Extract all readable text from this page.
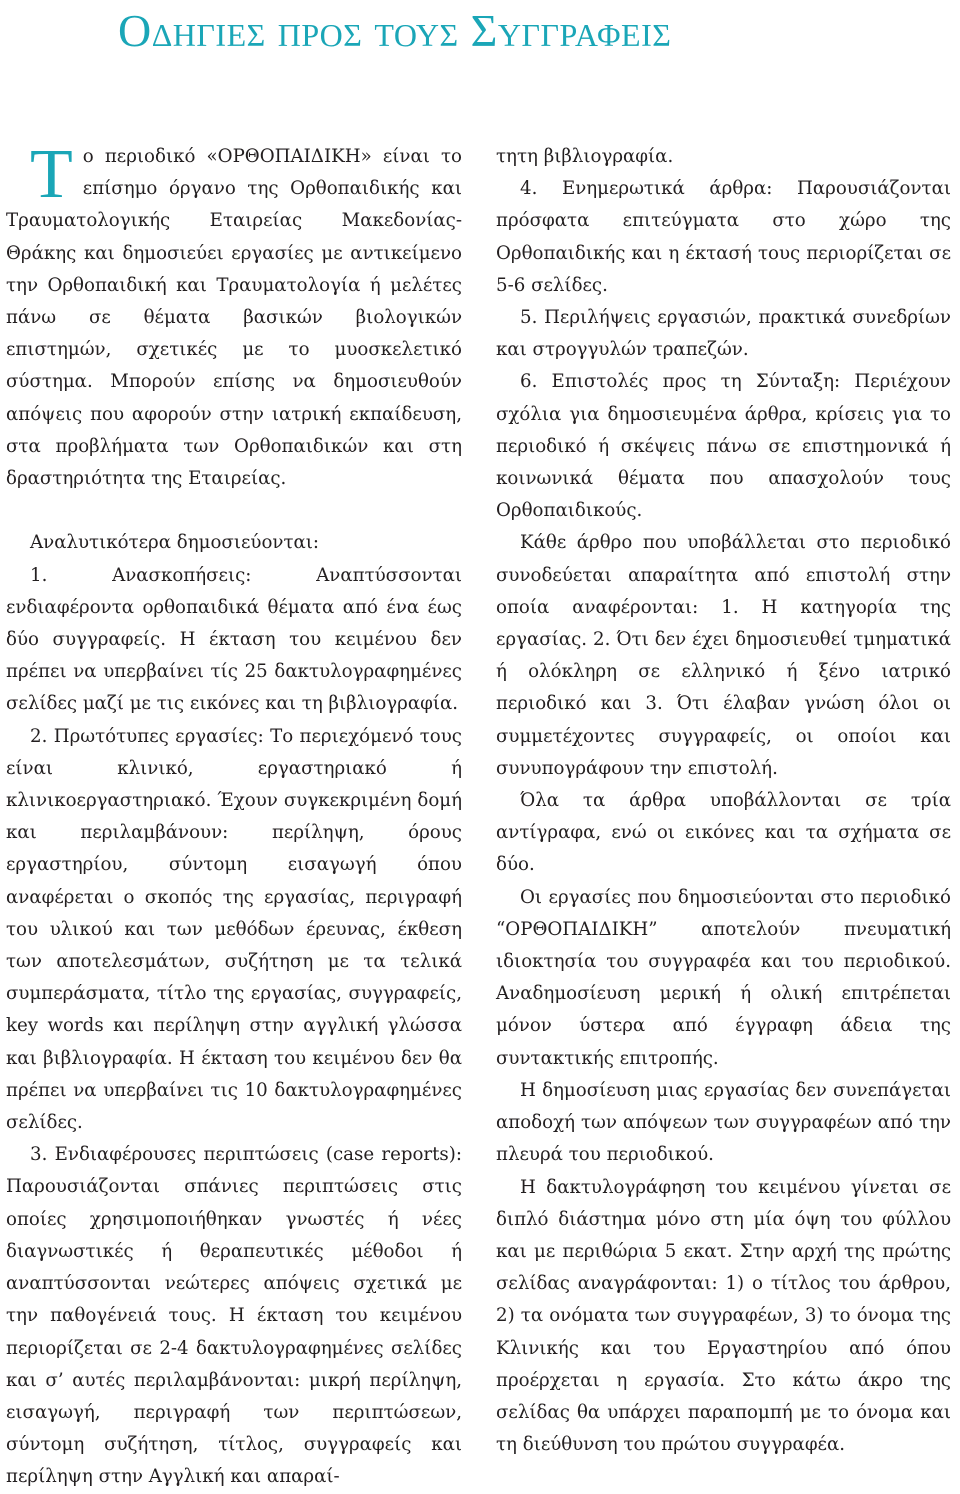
Οδηγιες προς τους Συγγραφεις

Το περιοδικό «ΟΡΘΟΠΑΙΔΙΚΗ» είναι το επίσημο όργανο της Ορθοπαιδικής και Τραυματολογικής Εταιρείας Μακεδονίας-Θράκης και δημοσιεύει εργασίες με αντικείμενο την Ορθοπαιδική και Τραυματολογία ή μελέτες πάνω σε θέματα βασικών βιολογικών επιστημών, σχετικές με το μυοσκελετικό σύστημα. Μπορούν επίσης να δημοσιευθούν απόψεις που αφορούν στην ιατρική εκπαίδευση, στα προβλήματα των Ορθοπαιδικών και στη δραστηριότητα της Εταιρείας.

Αναλυτικότερα δημοσιεύονται:

1. Ανασκοπήσεις: Αναπτύσσονται ενδιαφέροντα ορθοπαιδικά θέματα από ένα έως δύο συγγραφείς. Η έκταση του κειμένου δεν πρέπει να υπερβαίνει τίς 25 δακτυλογραφημένες σελίδες μαζί με τις εικόνες και τη βιβλιογραφία.

2. Πρωτότυπες εργασίες: Το περιεχόμενό τους είναι κλινικό, εργαστηριακό ή κλινικοεργαστηριακό. Έχουν συγκεκριμένη δομή και περιλαμβάνουν: περίληψη, όρους εργαστηρίου, σύντομη εισαγωγή όπου αναφέρεται ο σκοπός της εργασίας, περιγραφή του υλικού και των μεθόδων έρευνας, έκθεση των αποτελεσμάτων, συζήτηση με τα τελικά συμπεράσματα, τίτλο της εργασίας, συγγραφείς, key words και περίληψη στην αγγλική γλώσσα και βιβλιογραφία. Η έκταση του κειμένου δεν θα πρέπει να υπερβαίνει τις 10 δακτυλογραφημένες σελίδες.

3. Ενδιαφέρουσες περιπτώσεις (case reports): Παρουσιάζονται σπάνιες περιπτώσεις στις οποίες χρησιμοποιήθηκαν γνωστές ή νέες διαγνωστικές ή θεραπευτικές μέθοδοι ή αναπτύσσονται νεώτερες απόψεις σχετικά με την παθογένειά τους. Η έκταση του κειμένου περιορίζεται σε 2-4 δακτυλογραφημένες σελίδες και σ’ αυτές περιλαμβάνονται: μικρή περίληψη, εισαγωγή, περιγραφή των περιπτώσεων, σύντομη συζήτηση, τίτλος, συγγραφείς και περίληψη στην Αγγλική και απαραί-

τητη βιβλιογραφία.

4. Ενημερωτικά άρθρα: Παρουσιάζονται πρόσφατα επιτεύγματα στο χώρο της Ορθοπαιδικής και η έκτασή τους περιορίζεται σε 5-6 σελίδες.

5. Περιλήψεις εργασιών, πρακτικά συνεδρίων και στρογγυλών τραπεζών.

6. Επιστολές προς τη Σύνταξη: Περιέχουν σχόλια για δημοσιευμένα άρθρα, κρίσεις για το περιοδικό ή σκέψεις πάνω σε επιστημονικά ή κοινωνικά θέματα που απασχολούν τους Ορθοπαιδικούς.

Κάθε άρθρο που υποβάλλεται στο περιοδικό συνοδεύεται απαραίτητα από επιστολή στην οποία αναφέρονται: 1. Η κατηγορία της εργασίας. 2. Ότι δεν έχει δημοσιευθεί τμηματικά ή ολόκληρη σε ελληνικό ή ξένο ιατρικό περιοδικό και 3. Ότι έλαβαν γνώση όλοι οι συμμετέχοντες συγγραφείς, οι οποίοι και συνυπογράφουν την επιστολή.

Όλα τα άρθρα υποβάλλονται σε τρία αντίγραφα, ενώ οι εικόνες και τα σχήματα σε δύο.

Οι εργασίες που δημοσιεύονται στο περιοδικό “ΟΡΘΟΠΑΙΔΙΚΗ” αποτελούν πνευματική ιδιοκτησία του συγγραφέα και του περιοδικού. Αναδημοσίευση μερική ή ολική επιτρέπεται μόνον ύστερα από έγγραφη άδεια της συντακτικής επιτροπής.

Η δημοσίευση μιας εργασίας δεν συνεπάγεται αποδοχή των απόψεων των συγγραφέων από την πλευρά του περιοδικού.

Η δακτυλογράφηση του κειμένου γίνεται σε διπλό διάστημα μόνο στη μία όψη του φύλλου και με περιθώρια 5 εκατ. Στην αρχή της πρώτης σελίδας αναγράφονται: 1) ο τίτλος του άρθρου, 2) τα ονόματα των συγγραφέων, 3) το όνομα της Κλινικής και του Εργαστηρίου από όπου προέρχεται η εργασία. Στο κάτω άκρο της σελίδας θα υπάρχει παραπομπή με το όνομα και τη διεύθυνση του πρώτου συγγραφέα.
